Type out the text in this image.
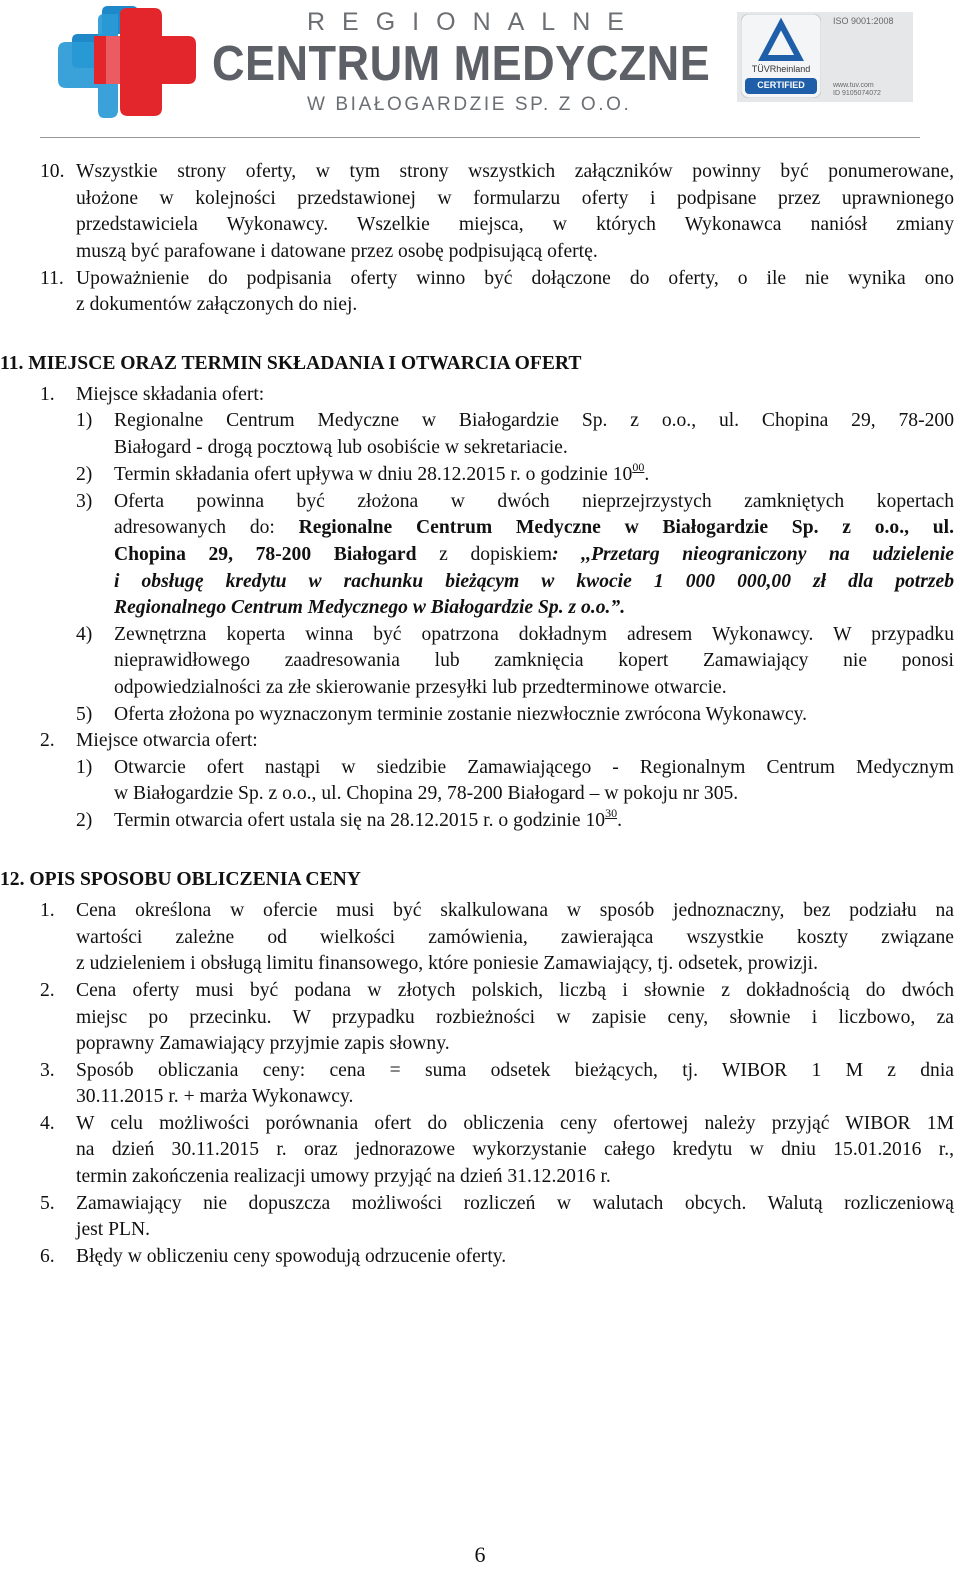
REGIONALNE
CENTRUM MEDYCZNE
W BIAŁOGARDZIE SP. Z O.O.
TÜVRheinland
CERTIFIED
ISO 9001:2008
www.tuv.com
ID 9105074072
10. Wszystkie strony oferty, w tym strony wszystkich załączników powinny być ponumerowane,
ułożone w kolejności przedstawionej w formularzu oferty i podpisane przez uprawnionego
przedstawiciela Wykonawcy. Wszelkie miejsca, w których Wykonawca naniósł zmiany
muszą być parafowane i datowane przez osobę podpisującą ofertę.
11. Upoważnienie do podpisania oferty winno być dołączone do oferty, o ile nie wynika ono
z dokumentów załączonych do niej.
11. MIEJSCE ORAZ TERMIN SKŁADANIA I OTWARCIA OFERT
1. Miejsce składania ofert:
1) Regionalne Centrum Medyczne w Białogardzie Sp. z o.o., ul. Chopina 29, 78-200
Białogard - drogą pocztową lub osobiście w sekretariacie.
2) Termin składania ofert upływa w dniu 28.12.2015 r. o godzinie $10^{00}$.
3) Oferta powinna być złożona w dwóch nieprzejrzystych zamkniętych kopertach
adresowanych do: Regionalne Centrum Medyczne w Białogardzie Sp. z o.o., ul.
Chopina 29, 78-200 Białogard z dopiskiem: ,,Przetarg nieograniczony na udzielenie
i obsługę kredytu w rachunku bieżącym w kwocie 1 000 000,00 zł dla potrzeb
Regionalnego Centrum Medycznego w Białogardzie Sp. z o.o.”.
4) Zewnętrzna koperta winna być opatrzona dokładnym adresem Wykonawcy. W przypadku
nieprawidłowego zaadresowania lub zamknięcia kopert Zamawiający nie ponosi
odpowiedzialności za złe skierowanie przesyłki lub przedterminowe otwarcie.
5) Oferta złożona po wyznaczonym terminie zostanie niezwłocznie zwrócona Wykonawcy.
2. Miejsce otwarcia ofert:
1) Otwarcie ofert nastąpi w siedzibie Zamawiającego - Regionalnym Centrum Medycznym
w Białogardzie Sp. z o.o., ul. Chopina 29, 78-200 Białogard – w pokoju nr 305.
2) Termin otwarcia ofert ustala się na 28.12.2015 r. o godzinie $10^{30}$.
12. OPIS SPOSOBU OBLICZENIA CENY
1. Cena określona w ofercie musi być skalkulowana w sposób jednoznaczny, bez podziału na
wartości zależne od wielkości zamówienia, zawierająca wszystkie koszty związane
z udzieleniem i obsługą limitu finansowego, które poniesie Zamawiający, tj. odsetek, prowizji.
2. Cena oferty musi być podana w złotych polskich, liczbą i słownie z dokładnością do dwóch
miejsc po przecinku. W przypadku rozbieżności w zapisie ceny, słownie i liczbowo, za
poprawny Zamawiający przyjmie zapis słowny.
3. Sposób obliczania ceny: cena = suma odsetek bieżących, tj. WIBOR 1 M z dnia
30.11.2015 r. + marża Wykonawcy.
4. W celu możliwości porównania ofert do obliczenia ceny ofertowej należy przyjąć WIBOR 1M
na dzień 30.11.2015 r. oraz jednorazowe wykorzystanie całego kredytu w dniu 15.01.2016 r.,
termin zakończenia realizacji umowy przyjąć na dzień 31.12.2016 r.
5. Zamawiający nie dopuszcza możliwości rozliczeń w walutach obcych. Walutą rozliczeniową
jest PLN.
6. Błędy w obliczeniu ceny spowodują odrzucenie oferty.
6
